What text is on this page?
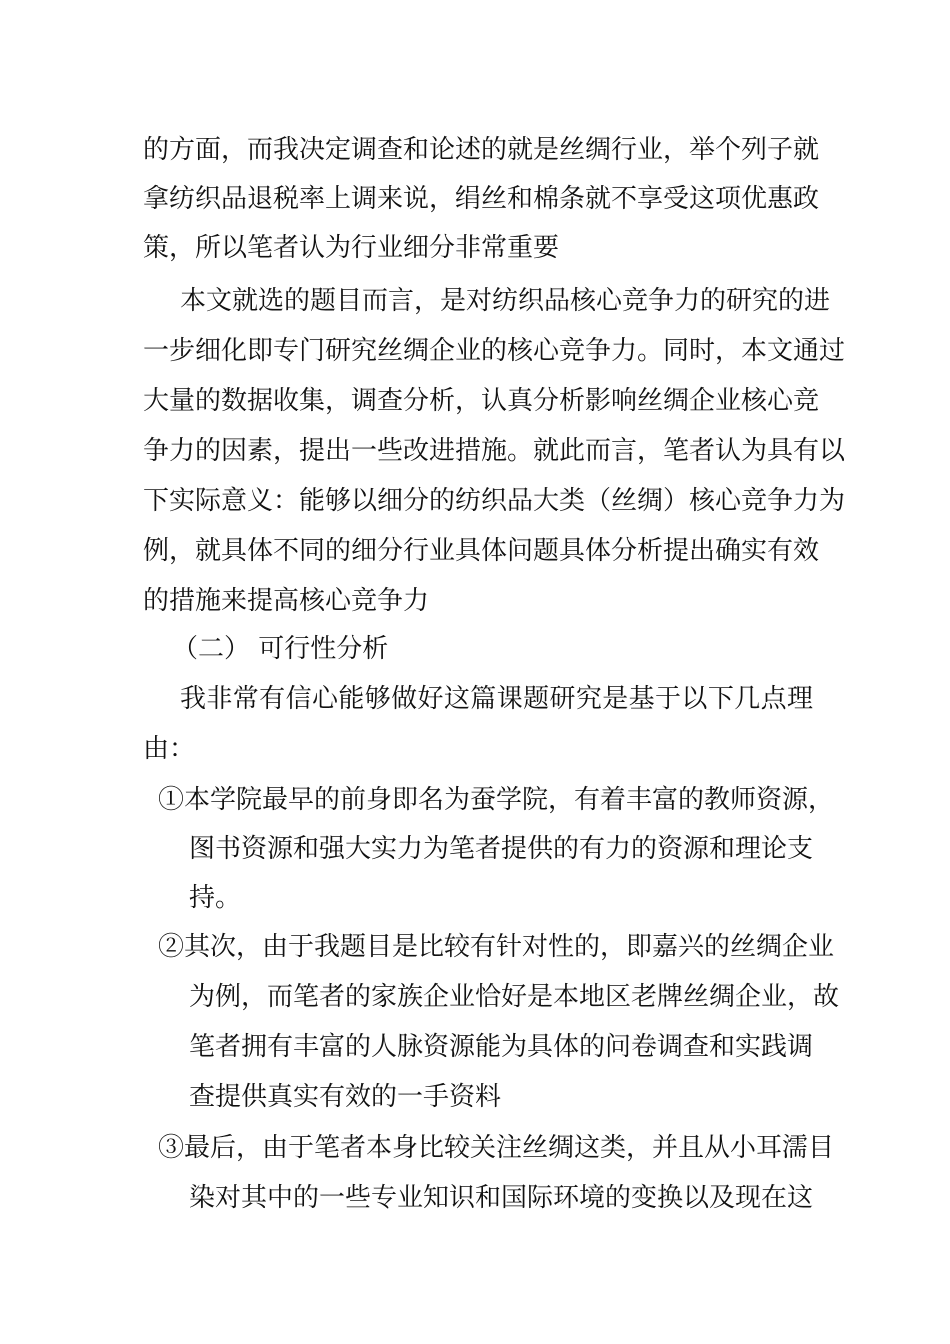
的方面，而我决定调查和论述的就是丝绸行业，举个列子就
拿纺织品退税率上调来说，绢丝和棉条就不享受这项优惠政
策，所以笔者认为行业细分非常重要
本文就选的题目而言，是对纺织品核心竞争力的研究的进
一步细化即专门研究丝绸企业的核心竞争力。同时，本文通过
大量的数据收集，调查分析，认真分析影响丝绸企业核心竞
争力的因素，提出一些改进措施。就此而言，笔者认为具有以
下实际意义：能够以细分的纺织品大类（丝绸）核心竞争力为
例，就具体不同的细分行业具体问题具体分析提出确实有效
的措施来提高核心竞争力
（二） 可行性分析
我非常有信心能够做好这篇课题研究是基于以下几点理
由：
①本学院最早的前身即名为蚕学院，有着丰富的教师资源，
图书资源和强大实力为笔者提供的有力的资源和理论支
持。
②其次，由于我题目是比较有针对性的，即嘉兴的丝绸企业
为例，而笔者的家族企业恰好是本地区老牌丝绸企业，故
笔者拥有丰富的人脉资源能为具体的问卷调查和实践调
查提供真实有效的一手资料
③最后，由于笔者本身比较关注丝绸这类，并且从小耳濡目
染对其中的一些专业知识和国际环境的变换以及现在这
